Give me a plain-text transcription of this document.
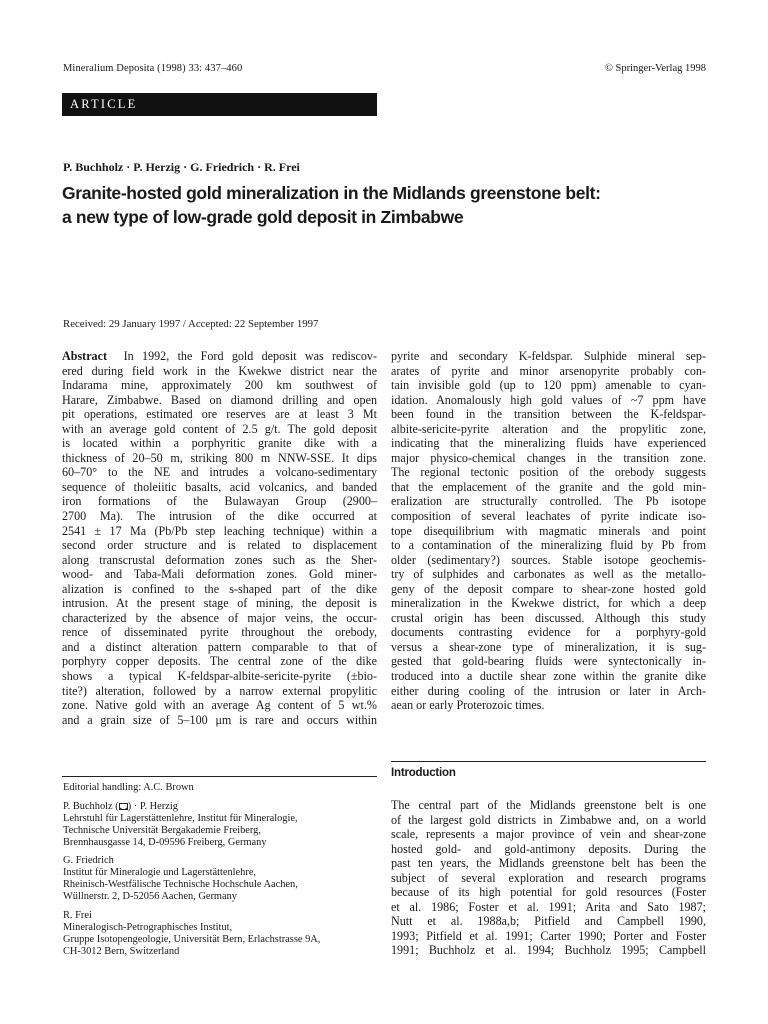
Mineralium Deposita (1998) 33: 437–460	© Springer-Verlag 1998
ARTICLE
P. Buchholz · P. Herzig · G. Friedrich · R. Frei
Granite-hosted gold mineralization in the Midlands greenstone belt:
a new type of low-grade gold deposit in Zimbabwe
Received: 29 January 1997 / Accepted: 22 September 1997
Abstract In 1992, the Ford gold deposit was rediscov-
ered during field work in the Kwekwe district near the
Indarama mine, approximately 200 km southwest of
Harare, Zimbabwe. Based on diamond drilling and open
pit operations, estimated ore reserves are at least 3 Mt
with an average gold content of 2.5 g/t. The gold deposit
is located within a porphyritic granite dike with a
thickness of 20–50 m, striking 800 m NNW-SSE. It dips
60–70° to the NE and intrudes a volcano-sedimentary
sequence of tholeiitic basalts, acid volcanics, and banded
iron formations of the Bulawayan Group (2900–
2700 Ma). The intrusion of the dike occurred at
2541 ± 17 Ma (Pb/Pb step leaching technique) within a
second order structure and is related to displacement
along transcrustal deformation zones such as the Sher-
wood- and Taba-Mali deformation zones. Gold miner-
alization is confined to the s-shaped part of the dike
intrusion. At the present stage of mining, the deposit is
characterized by the absence of major veins, the occur-
rence of disseminated pyrite throughout the orebody,
and a distinct alteration pattern comparable to that of
porphyry copper deposits. The central zone of the dike
shows a typical K-feldspar-albite-sericite-pyrite (±bio-
tite?) alteration, followed by a narrow external propylitic
zone. Native gold with an average Ag content of 5 wt.%
and a grain size of 5–100 μm is rare and occurs within
pyrite and secondary K-feldspar. Sulphide mineral sep-
arates of pyrite and minor arsenopyrite probably con-
tain invisible gold (up to 120 ppm) amenable to cyan-
idation. Anomalously high gold values of ~7 ppm have
been found in the transition between the K-feldspar-
albite-sericite-pyrite alteration and the propylitic zone,
indicating that the mineralizing fluids have experienced
major physico-chemical changes in the transition zone.
The regional tectonic position of the orebody suggests
that the emplacement of the granite and the gold min-
eralization are structurally controlled. The Pb isotope
composition of several leachates of pyrite indicate iso-
tope disequilibrium with magmatic minerals and point
to a contamination of the mineralizing fluid by Pb from
older (sedimentary?) sources. Stable isotope geochemis-
try of sulphides and carbonates as well as the metallo-
geny of the deposit compare to shear-zone hosted gold
mineralization in the Kwekwe district, for which a deep
crustal origin has been discussed. Although this study
documents contrasting evidence for a porphyry-gold
versus a shear-zone type of mineralization, it is sug-
gested that gold-bearing fluids were syntectonically in-
troduced into a ductile shear zone within the granite dike
either during cooling of the intrusion or later in Arch-
aean or early Proterozoic times.
Editorial handling: A.C. Brown
P. Buchholz ( ) · P. Herzig
Lehrstuhl für Lagerstättenlehre, Institut für Mineralogie,
Technische Universität Bergakademie Freiberg,
Brennhausgasse 14, D-09596 Freiberg, Germany
G. Friedrich
Institut für Mineralogie und Lagerstättenlehre,
Rheinisch-Westfälische Technische Hochschule Aachen,
Wüllnerstr. 2, D-52056 Aachen, Germany
R. Frei
Mineralogisch-Petrographisches Institut,
Gruppe Isotopengeologie, Universität Bern, Erlachstrasse 9A,
CH-3012 Bern, Switzerland
Introduction
The central part of the Midlands greenstone belt is one
of the largest gold districts in Zimbabwe and, on a world
scale, represents a major province of vein and shear-zone
hosted gold- and gold-antimony deposits. During the
past ten years, the Midlands greenstone belt has been the
subject of several exploration and research programs
because of its high potential for gold resources (Foster
et al. 1986; Foster et al. 1991; Arita and Sato 1987;
Nutt et al. 1988a,b; Pitfield and Campbell 1990,
1993; Pitfield et al. 1991; Carter 1990; Porter and Foster
1991; Buchholz et al. 1994; Buchholz 1995; Campbell
